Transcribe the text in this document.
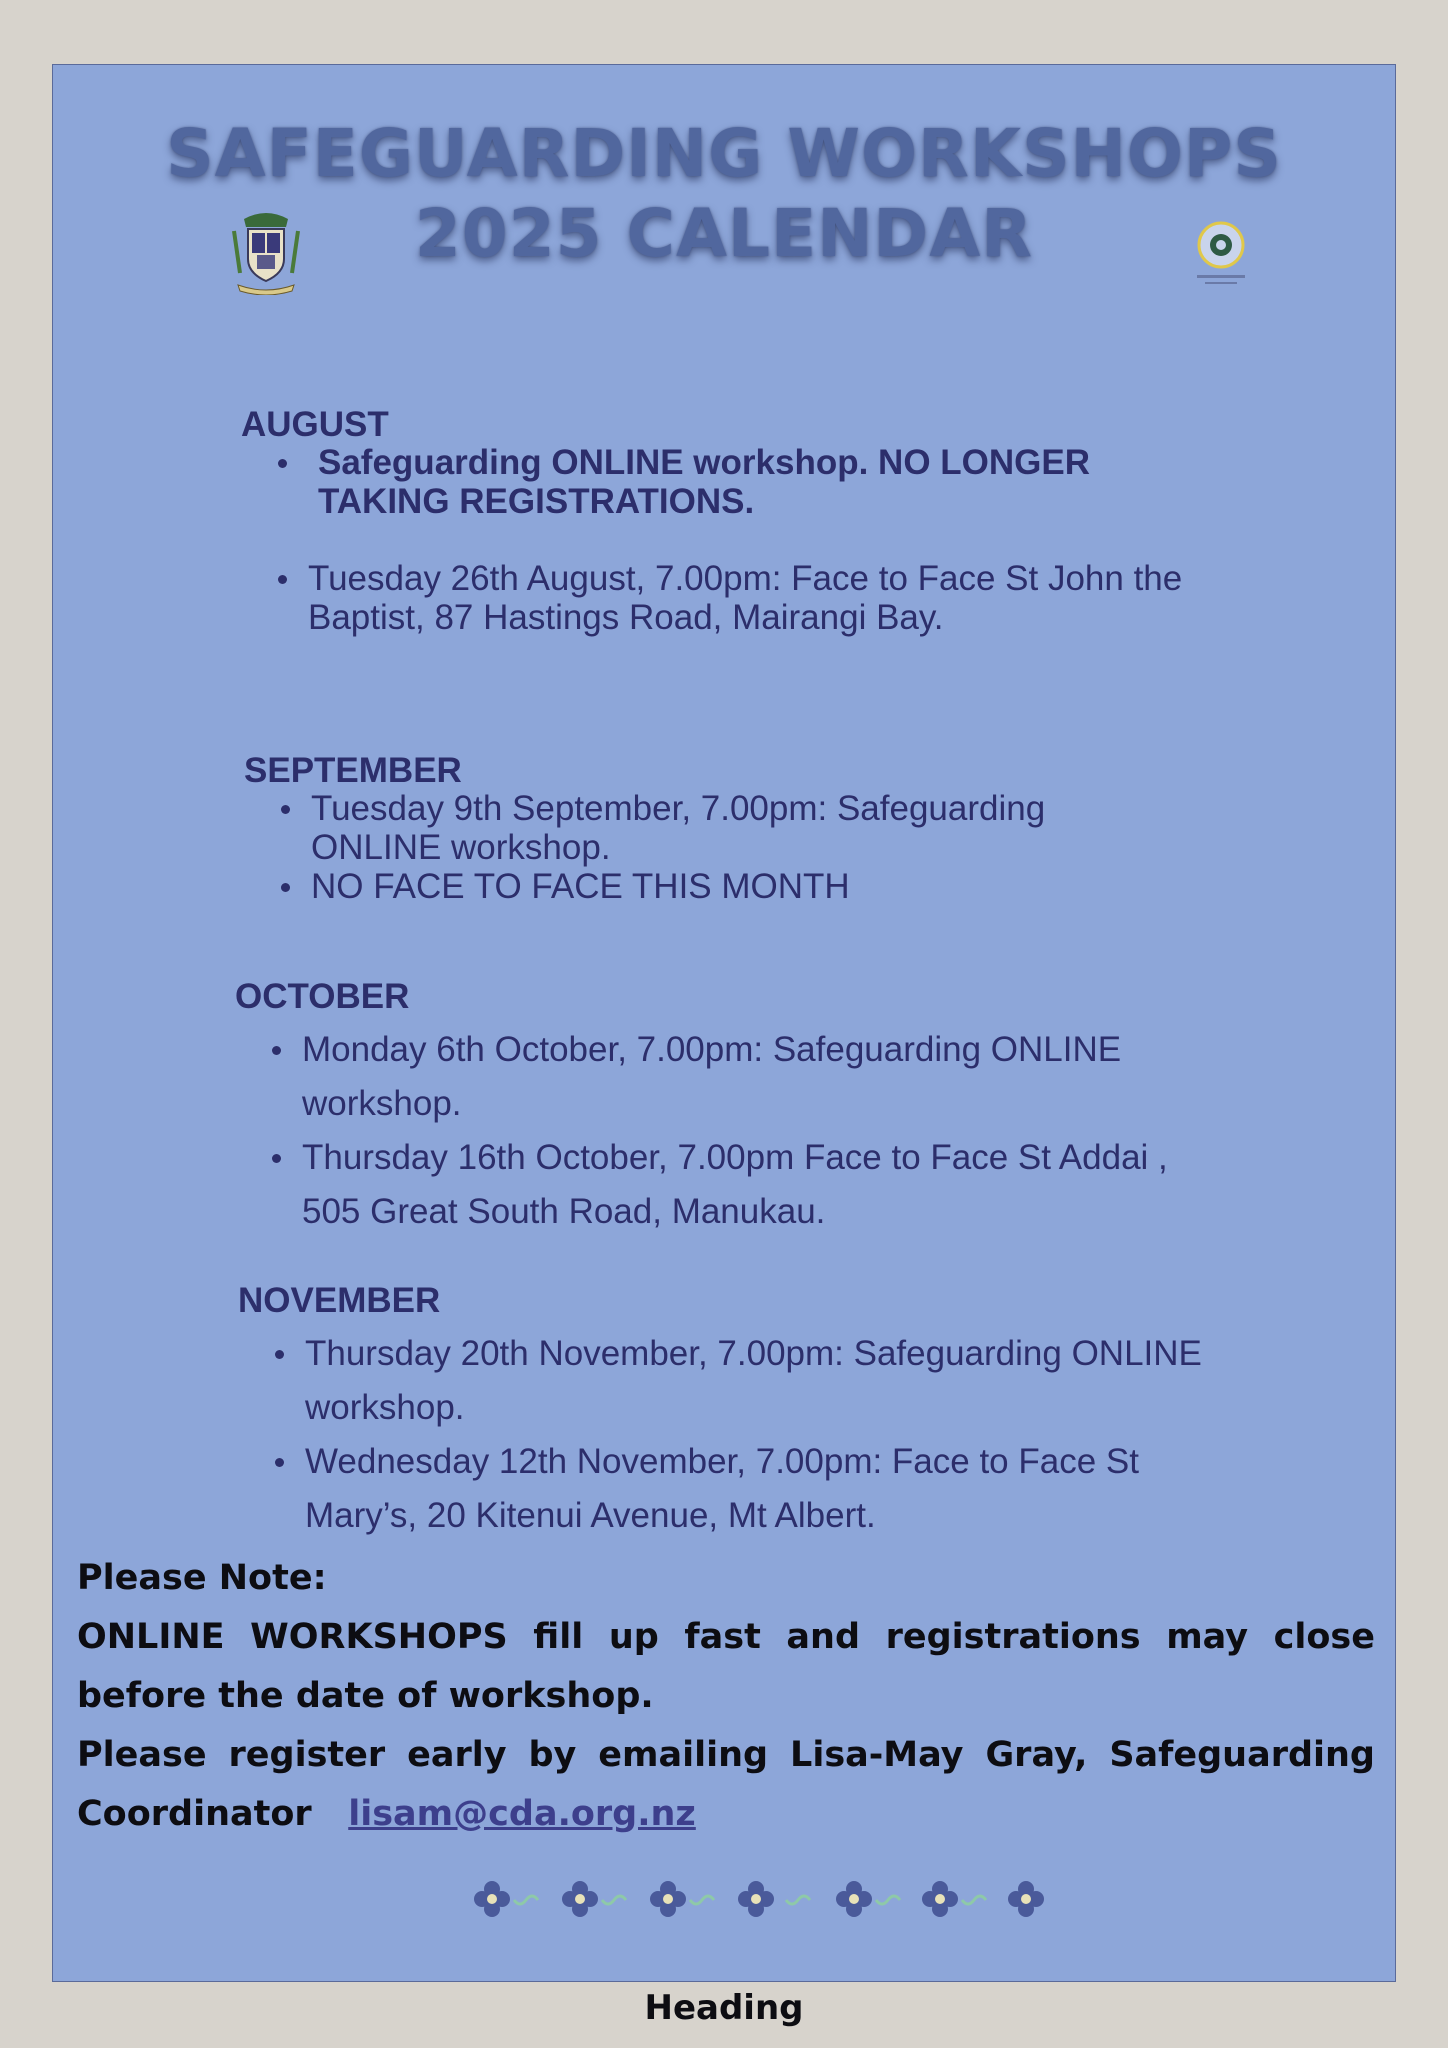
SAFEGUARDING WORKSHOPS
2025 CALENDAR
AUGUST
Safeguarding ONLINE workshop. NO LONGER TAKING REGISTRATIONS.
Tuesday 26th August, 7.00pm: Face to Face St John the Baptist, 87 Hastings Road, Mairangi Bay.
SEPTEMBER
Tuesday 9th September, 7.00pm: Safeguarding ONLINE workshop.
NO FACE TO FACE THIS MONTH
OCTOBER
Monday 6th October, 7.00pm: Safeguarding ONLINE workshop.
Thursday 16th October, 7.00pm Face to Face St Addai , 505 Great South Road, Manukau.
NOVEMBER
Thursday 20th November, 7.00pm: Safeguarding ONLINE workshop.
Wednesday 12th November, 7.00pm: Face to Face St Mary’s, 20 Kitenui Avenue, Mt Albert.
Please Note:
ONLINE WORKSHOPS fill up fast and registrations may close before the date of workshop.
Please register early by emailing Lisa-May Gray, Safeguarding Coordinator lisam@cda.org.nz
Heading
